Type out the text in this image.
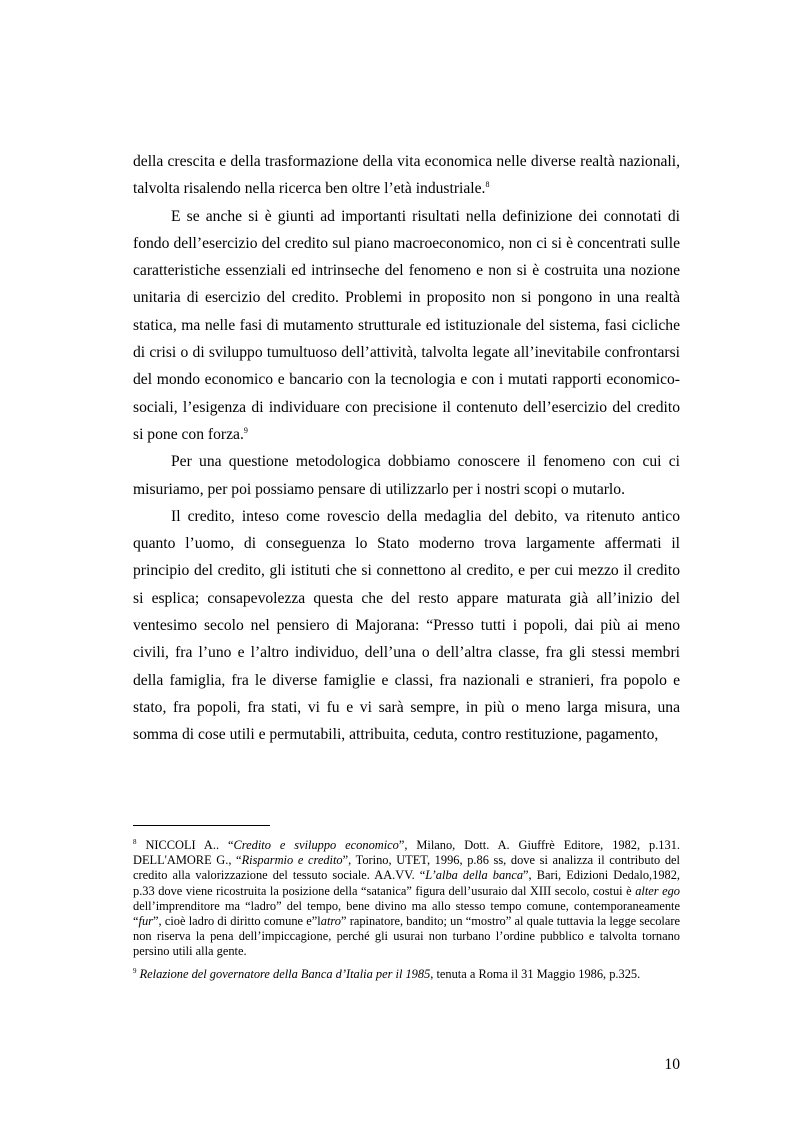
della crescita e della trasformazione della vita economica nelle diverse realtà nazionali, talvolta risalendo nella ricerca ben oltre l’età industriale.$^8$

E se anche si è giunti ad importanti risultati nella definizione dei connotati di fondo dell’esercizio del credito sul piano macroeconomico, non ci si è concentrati sulle caratteristiche essenziali ed intrinseche del fenomeno e non si è costruita una nozione unitaria di esercizio del credito. Problemi in proposito non si pongono in una realtà statica, ma nelle fasi di mutamento strutturale ed istituzionale del sistema, fasi cicliche di crisi o di sviluppo tumultuoso dell’attività, talvolta legate all’inevitabile confrontarsi del mondo economico e bancario con la tecnologia e con i mutati rapporti economico-sociali, l’esigenza di individuare con precisione il contenuto dell’esercizio del credito si pone con forza.$^9$

Per una questione metodologica dobbiamo conoscere il fenomeno con cui ci misuriamo, per poi possiamo pensare di utilizzarlo per i nostri scopi o mutarlo.

Il credito, inteso come rovescio della medaglia del debito, va ritenuto antico quanto l’uomo, di conseguenza lo Stato moderno trova largamente affermati il principio del credito, gli istituti che si connettono al credito, e per cui mezzo il credito si esplica; consapevolezza questa che del resto appare maturata già all’inizio del ventesimo secolo nel pensiero di Majorana: “Presso tutti i popoli, dai più ai meno civili, fra l’uno e l’altro individuo, dell’una o dell’altra classe, fra gli stessi membri della famiglia, fra le diverse famiglie e classi, fra nazionali e stranieri, fra popolo e stato, fra popoli, fra stati, vi fu e vi sarà sempre, in più o meno larga misura, una somma di cose utili e permutabili, attribuita, ceduta, contro restituzione, pagamento,

$^8$ NICCOLI A.. “Credito e sviluppo economico”, Milano, Dott. A. Giuffrè Editore, 1982, p.131. DELL'AMORE G., “Risparmio e credito”, Torino, UTET, 1996, p.86 ss, dove si analizza il contributo del credito alla valorizzazione del tessuto sociale. AA.VV. “L’alba della banca”, Bari, Edizioni Dedalo,1982, p.33 dove viene ricostruita la posizione della “satanica” figura dell’usuraio dal XIII secolo, costui è alter ego dell’imprenditore ma “ladro” del tempo, bene divino ma allo stesso tempo comune, contemporaneamente “fur”, cioè ladro di diritto comune e”latro” rapinatore, bandito; un “mostro” al quale tuttavia la legge secolare non riserva la pena dell’impiccagione, perché gli usurai non turbano l’ordine pubblico e talvolta tornano persino utili alla gente.

$^9$ Relazione del governatore della Banca d’Italia per il 1985, tenuta a Roma il 31 Maggio 1986, p.325.

10
